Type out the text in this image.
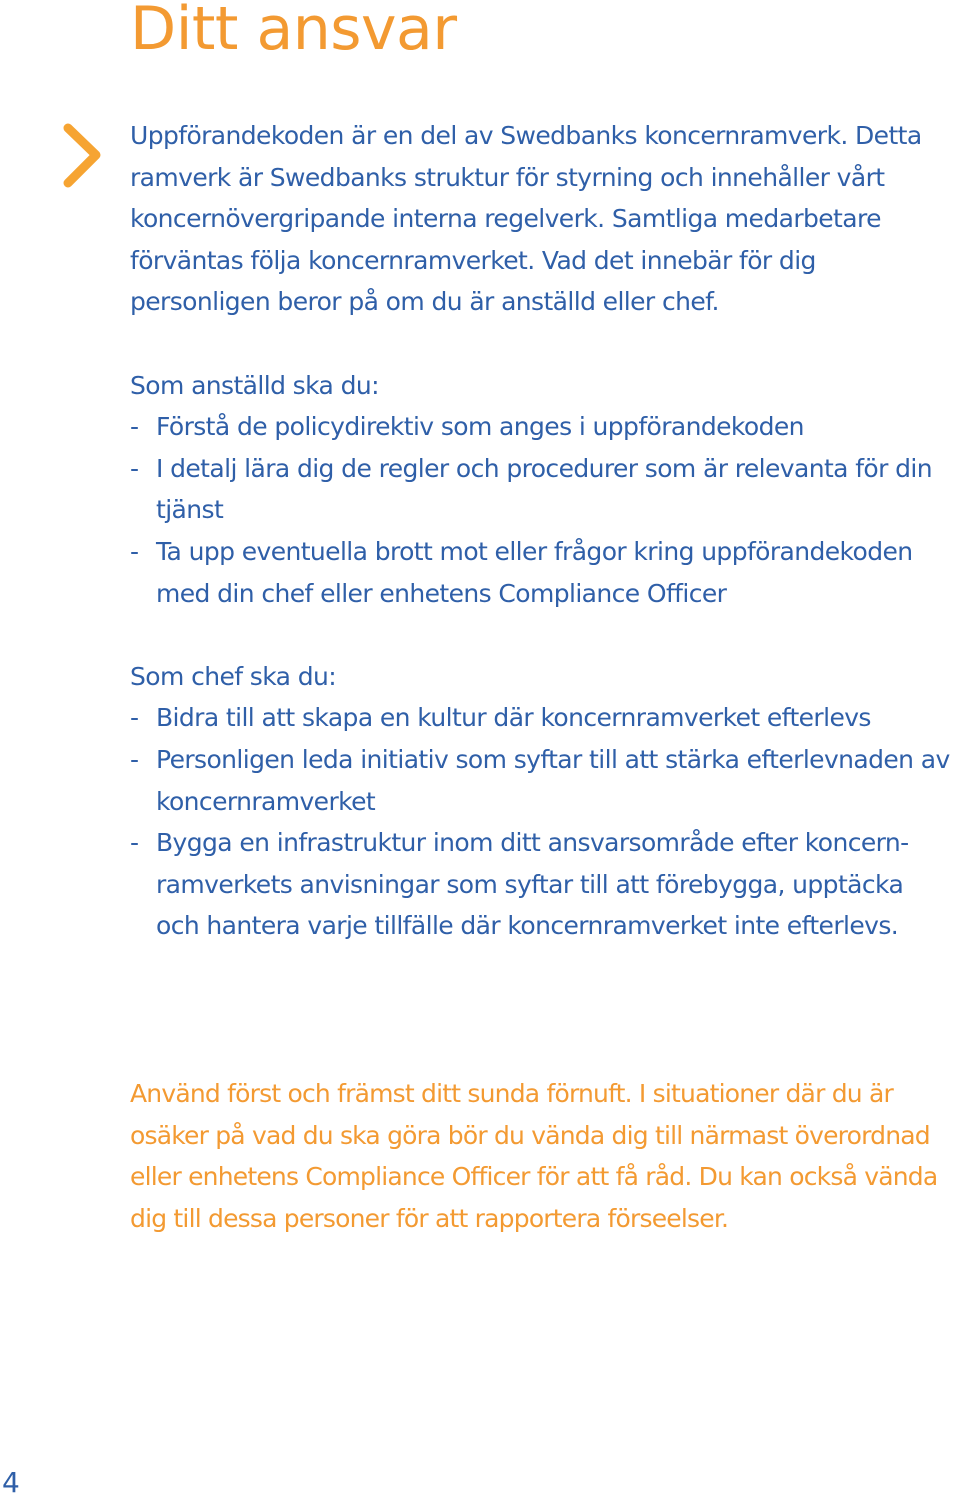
Ditt ansvar

Uppförandekoden är en del av Swedbanks koncernramverk. Detta ramverk är Swedbanks struktur för styrning och innehåller vårt koncernövergripande interna regelverk. Samtliga medarbetare förväntas följa koncernramverket. Vad det innebär för dig personligen beror på om du är anställd eller chef.

Som anställd ska du:

- Förstå de policydirektiv som anges i uppförandekoden
- I detalj lära dig de regler och procedurer som är relevanta för din tjänst
- Ta upp eventuella brott mot eller frågor kring uppförandekoden med din chef eller enhetens Compliance Officer

Som chef ska du:

- Bidra till att skapa en kultur där koncernramverket efterlevs
- Personligen leda initiativ som syftar till att stärka efterlevnaden av koncernramverket
- Bygga en infrastruktur inom ditt ansvarsområde efter koncern-ramverkets anvisningar som syftar till att förebygga, upptäcka och hantera varje tillfälle där koncernramverket inte efterlevs.

Använd först och främst ditt sunda förnuft. I situationer där du är osäker på vad du ska göra bör du vända dig till närmast överordnad eller enhetens Compliance Officer för att få råd. Du kan också vända dig till dessa personer för att rapportera förseelser.

4
